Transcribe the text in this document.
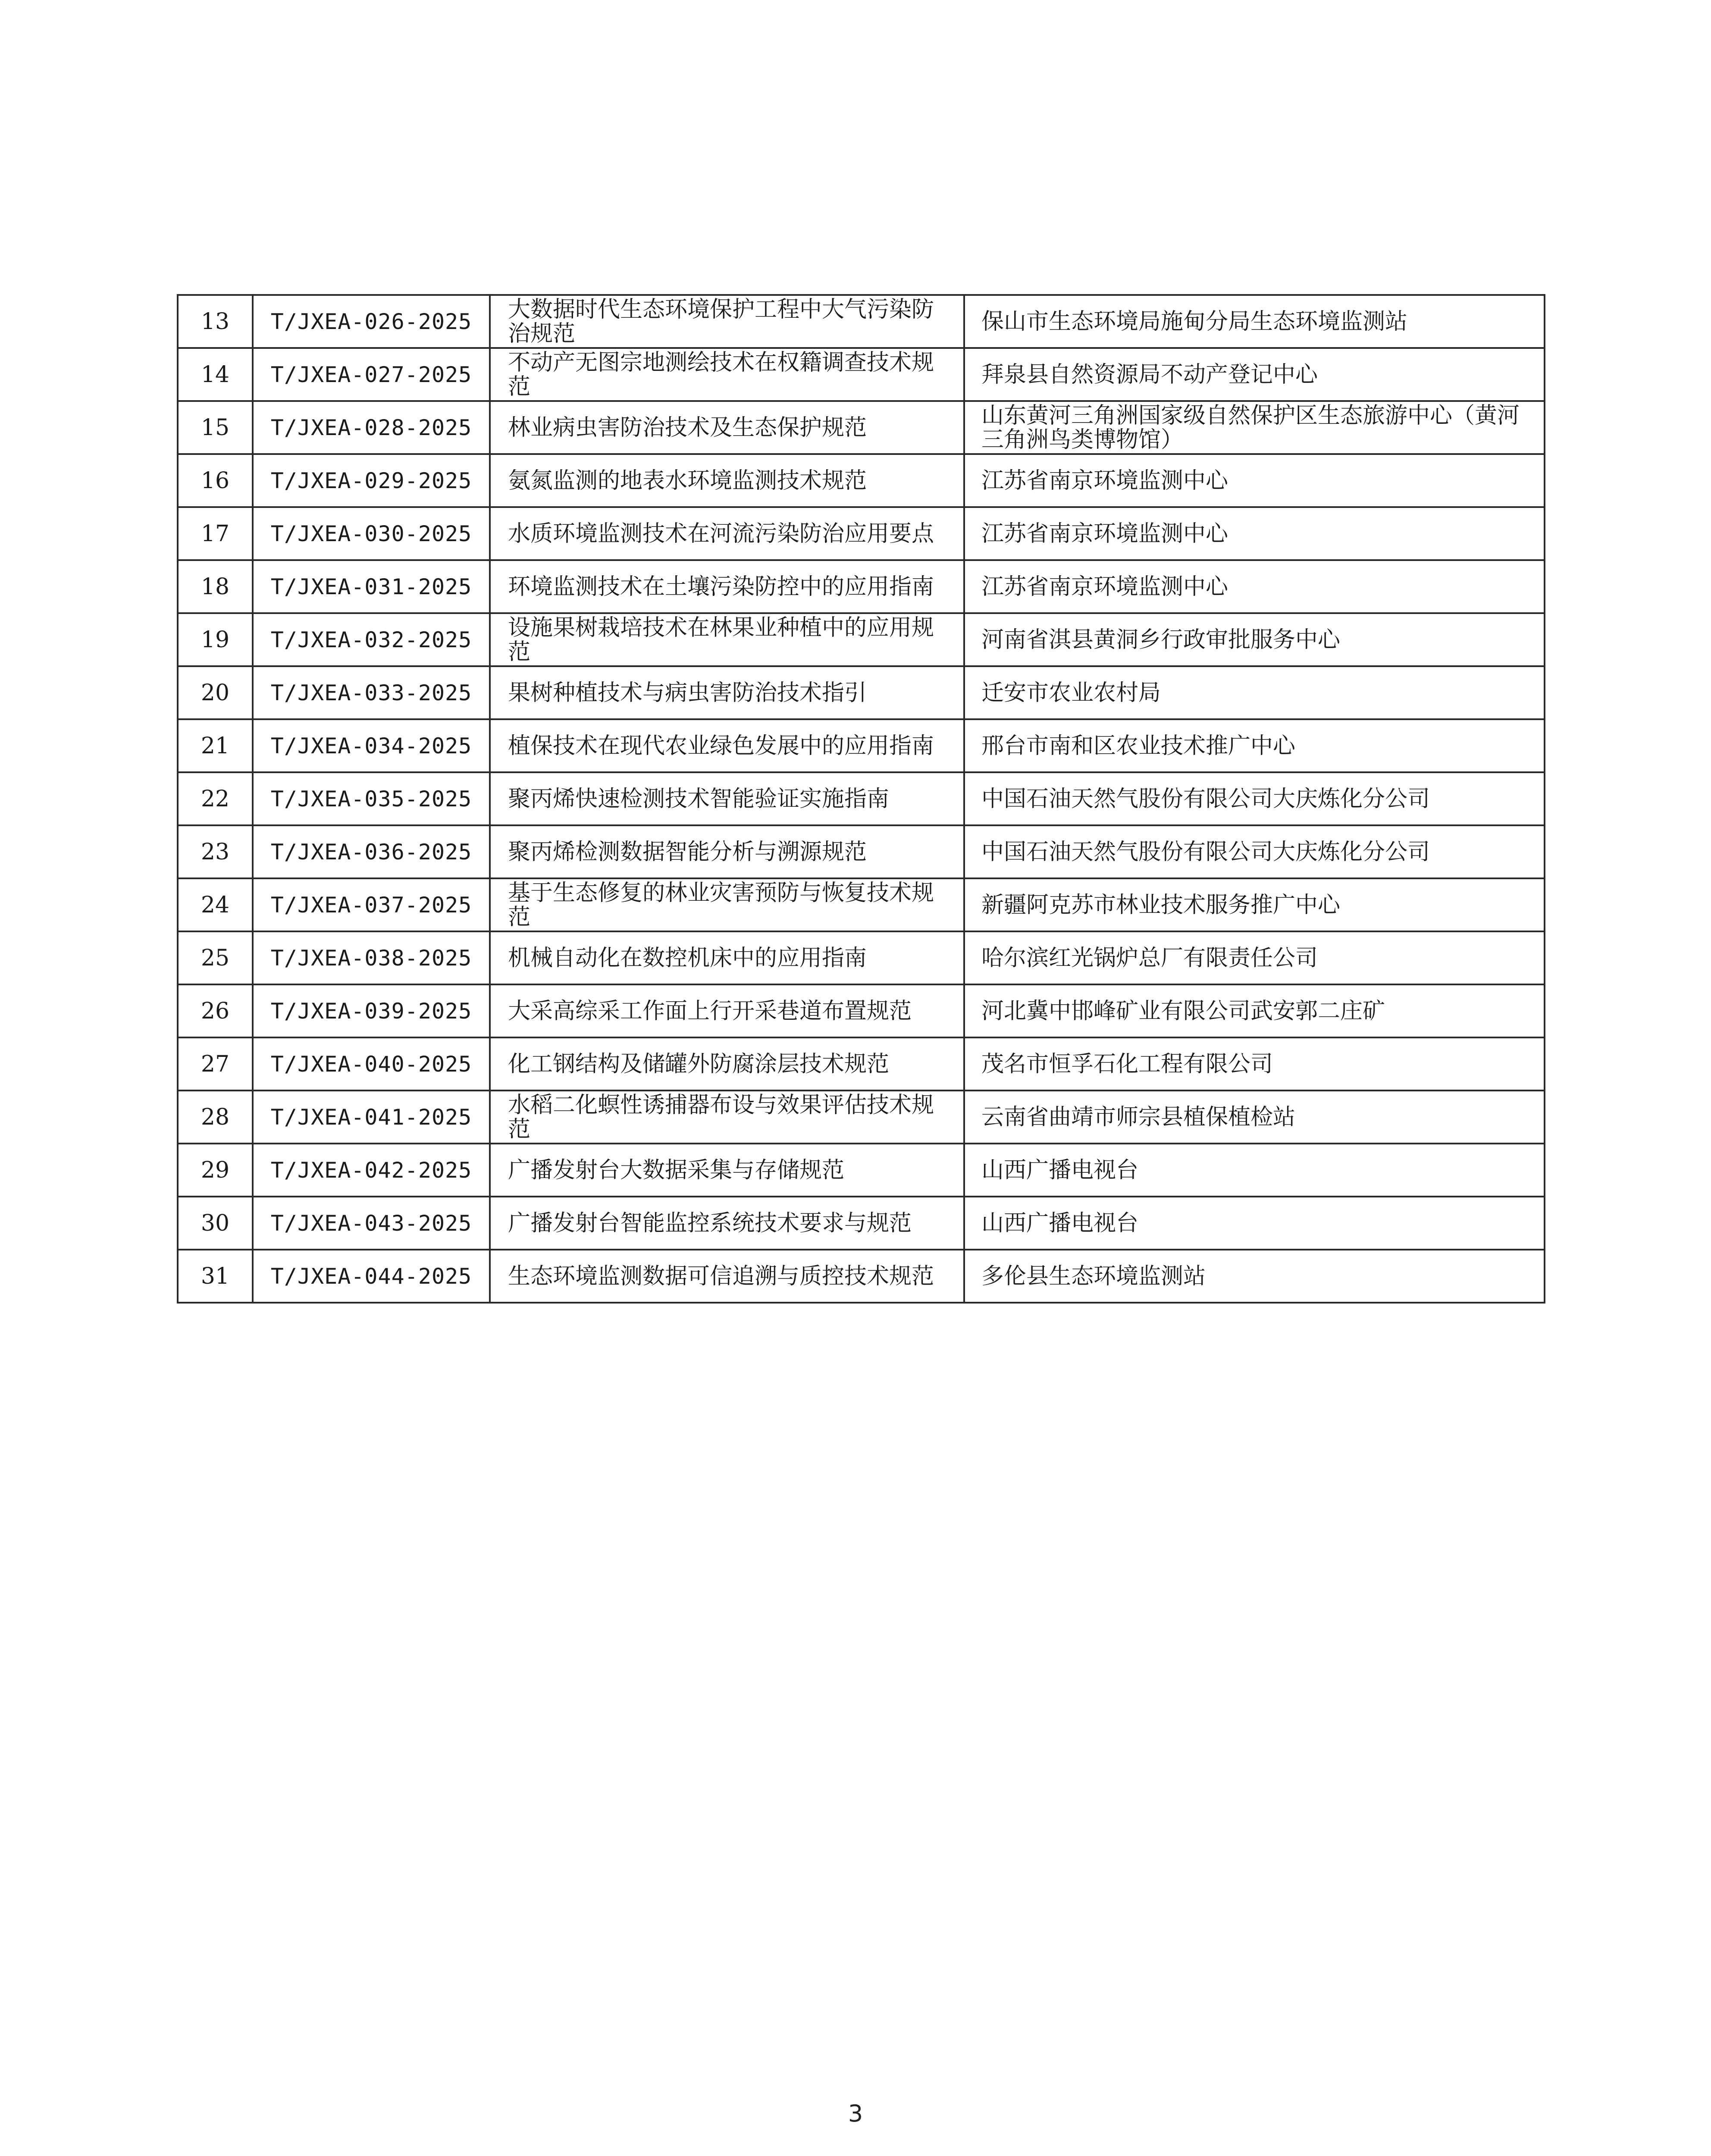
13	T/JXEA-026-2025	大数据时代生态环境保护工程中大气污染防治规范	保山市生态环境局施甸分局生态环境监测站
14	T/JXEA-027-2025	不动产无图宗地测绘技术在权籍调查技术规范	拜泉县自然资源局不动产登记中心
15	T/JXEA-028-2025	林业病虫害防治技术及生态保护规范	山东黄河三角洲国家级自然保护区生态旅游中心（黄河三角洲鸟类博物馆）
16	T/JXEA-029-2025	氨氮监测的地表水环境监测技术规范	江苏省南京环境监测中心
17	T/JXEA-030-2025	水质环境监测技术在河流污染防治应用要点	江苏省南京环境监测中心
18	T/JXEA-031-2025	环境监测技术在土壤污染防控中的应用指南	江苏省南京环境监测中心
19	T/JXEA-032-2025	设施果树栽培技术在林果业种植中的应用规范	河南省淇县黄洞乡行政审批服务中心
20	T/JXEA-033-2025	果树种植技术与病虫害防治技术指引	迁安市农业农村局
21	T/JXEA-034-2025	植保技术在现代农业绿色发展中的应用指南	邢台市南和区农业技术推广中心
22	T/JXEA-035-2025	聚丙烯快速检测技术智能验证实施指南	中国石油天然气股份有限公司大庆炼化分公司
23	T/JXEA-036-2025	聚丙烯检测数据智能分析与溯源规范	中国石油天然气股份有限公司大庆炼化分公司
24	T/JXEA-037-2025	基于生态修复的林业灾害预防与恢复技术规范	新疆阿克苏市林业技术服务推广中心
25	T/JXEA-038-2025	机械自动化在数控机床中的应用指南	哈尔滨红光锅炉总厂有限责任公司
26	T/JXEA-039-2025	大采高综采工作面上行开采巷道布置规范	河北冀中邯峰矿业有限公司武安郭二庄矿
27	T/JXEA-040-2025	化工钢结构及储罐外防腐涂层技术规范	茂名市恒孚石化工程有限公司
28	T/JXEA-041-2025	水稻二化螟性诱捕器布设与效果评估技术规范	云南省曲靖市师宗县植保植检站
29	T/JXEA-042-2025	广播发射台大数据采集与存储规范	山西广播电视台
30	T/JXEA-043-2025	广播发射台智能监控系统技术要求与规范	山西广播电视台
31	T/JXEA-044-2025	生态环境监测数据可信追溯与质控技术规范	多伦县生态环境监测站
3
